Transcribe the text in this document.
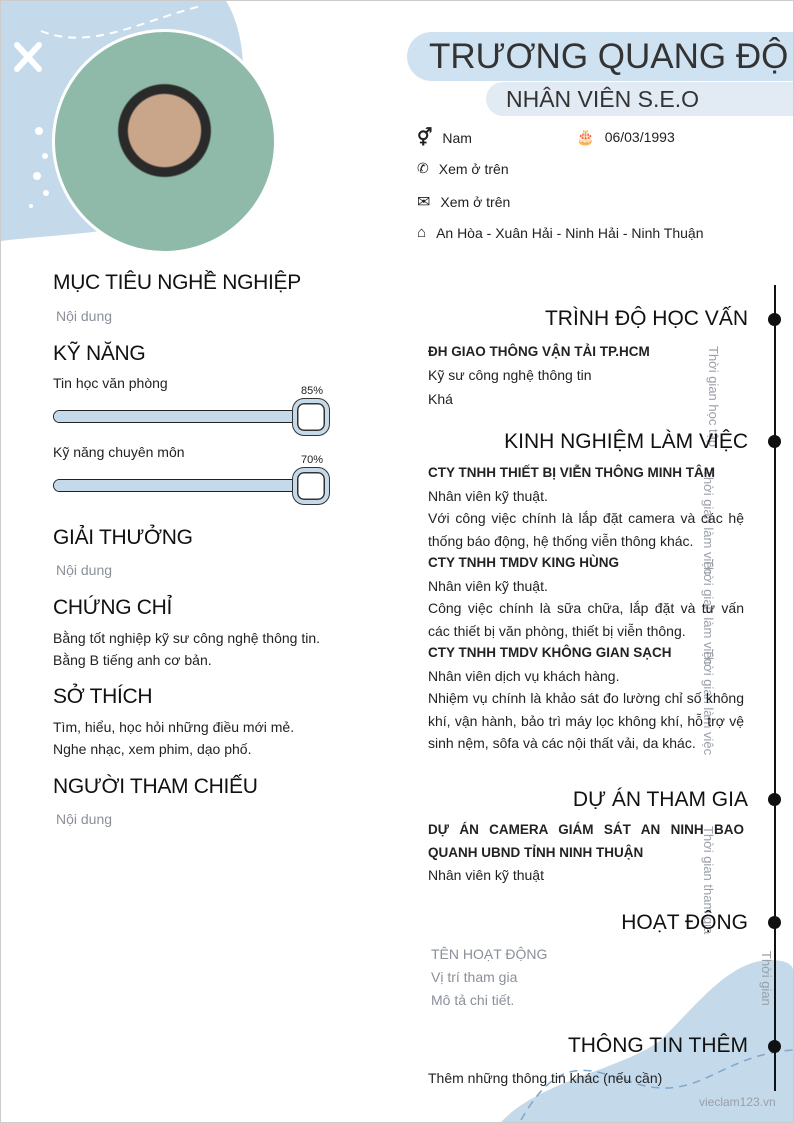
TRƯƠNG QUANG ĐỘ
NHÂN VIÊN S.E.O
⚥ Nam	🎂 06/03/1993
✆ Xem ở trên
✉ Xem ở trên
⌂ An Hòa - Xuân Hải - Ninh Hải - Ninh Thuận
MỤC TIÊU NGHỀ NGHIỆP
Nội dung
KỸ NĂNG
Tin học văn phòng	85%
Kỹ năng chuyên môn	70%
GIẢI THƯỞNG
Nội dung
CHỨNG CHỈ
Bằng tốt nghiệp kỹ sư công nghệ thông tin.
Bằng B tiếng anh cơ bản.
SỞ THÍCH
Tìm, hiểu, học hỏi những điều mới mẻ.
Nghe nhạc, xem phim, dạo phố.
NGƯỜI THAM CHIẾU
Nội dung
Thời gian học tập
Thời gian làm việc
Thời gian làm việc
Thời gian làm việc
Thời gian tham gia
Thời gian
TRÌNH ĐỘ HỌC VẤN
ĐH GIAO THÔNG VẬN TẢI TP.HCM
Kỹ sư công nghệ thông tin
Khá
KINH NGHIỆM LÀM VIỆC
CTY TNHH THIẾT BỊ VIỄN THÔNG MINH TÂM
Nhân viên kỹ thuật.
Với công việc chính là lắp đặt camera và các hệ thống báo động, hệ thống viễn thông khác.
CTY TNHH TMDV KING HÙNG
Nhân viên kỹ thuật.
Công việc chính là sữa chữa, lắp đặt và tư vấn các thiết bị văn phòng, thiết bị viễn thông.
CTY TNHH TMDV KHÔNG GIAN SẠCH
Nhân viên dịch vụ khách hàng.
Nhiệm vụ chính là khảo sát đo lường chỉ số không khí, vận hành, bảo trì máy lọc không khí, hỗ trợ vệ sinh nệm, sôfa và các nội thất vải, da khác.
DỰ ÁN THAM GIA
DỰ ÁN CAMERA GIÁM SÁT AN NINH BAO QUANH UBND TỈNH NINH THUẬN
Nhân viên kỹ thuật
HOẠT ĐỘNG
TÊN HOẠT ĐỘNG
Vị trí tham gia
Mô tả chi tiết.
THÔNG TIN THÊM
Thêm những thông tin khác (nếu cần)
vieclam123.vn
